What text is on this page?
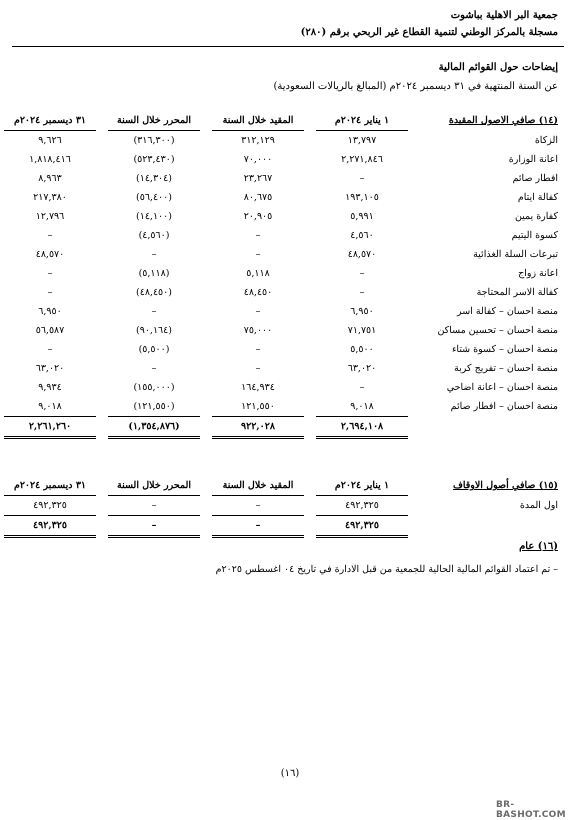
جمعية البر الاهلية بباشوت
مسجلة بالمركز الوطني لتنمية القطاع غير الربحي برقم (٢٨٠)
إيضاحات حول القوائم المالية
عن السنة المنتهية في ٣١ ديسمبر ٢٠٢٤م (المبالغ بالريالات السعودية)
(١٤) صافي الاصول المقيدة		١ يناير ٢٠٢٤م		المقيد خلال السنة		المحرر خلال السنة		٣١ ديسمبر ٢٠٢٤م
الزكاة		١٣,٧٩٧		٣١٢,١٢٩		(٣١٦,٣٠٠)		٩,٦٢٦
اعانة الوزارة		٢,٢٧١,٨٤٦		٧٠,٠٠٠		(٥٢٣,٤٣٠)		١,٨١٨,٤١٦
افطار صائم		–		٢٣,٢٦٧		(١٤,٣٠٤)		٨,٩٦٣
كفالة ايتام		١٩٣,١٠٥		٨٠,٦٧٥		(٥٦,٤٠٠)		٢١٧,٣٨٠
كفارة يمين		٥,٩٩١		٢٠,٩٠٥		(١٤,١٠٠)		١٢,٧٩٦
كسوة اليتيم		٤,٥٦٠		–		(٤,٥٦٠)		–
تبرعات السلة الغذائية		٤٨,٥٧٠		–		–		٤٨,٥٧٠
اعانة زواج		–		٥,١١٨		(٥,١١٨)		–
كفالة الاسر المحتاجة		–		٤٨,٤٥٠		(٤٨,٤٥٠)		–
منصة احسان – كفالة اسر		٦,٩٥٠		–		–		٦,٩٥٠
منصة احسان – تحسين مساكن		٧١,٧٥١		٧٥,٠٠٠		(٩٠,١٦٤)		٥٦,٥٨٧
منصة احسان – كسوة شتاء		٥,٥٠٠		–		(٥,٥٠٠)		–
منصة احسان – تفريج كربة		٦٣,٠٢٠		–		–		٦٣,٠٢٠
منصة احسان – اعانة اضاحي		–		١٦٤,٩٣٤		(١٥٥,٠٠٠)		٩,٩٣٤
منصة احسان – افطار صائم		٩,٠١٨		١٢١,٥٥٠		(١٢١,٥٥٠)		٩,٠١٨
		٢,٦٩٤,١٠٨		٩٢٢,٠٢٨		(١,٣٥٤,٨٧٦)		٢,٢٦١,٢٦٠
(١٥) صافي أصول الاوقاف		١ يناير ٢٠٢٤م		المقيد خلال السنة		المحرر خلال السنة		٣١ ديسمبر ٢٠٢٤م
اول المدة		٤٩٢,٣٢٥		–		–		٤٩٢,٣٢٥
		٤٩٢,٣٢٥		–		–		٤٩٢,٣٢٥
(١٦) عام
– تم اعتماد القوائم المالية الحالية للجمعية من قبل الادارة في تاريخ ٠٤ اغسطس ٢٠٢٥م
(١٦)
BR-BASHOT.COM
